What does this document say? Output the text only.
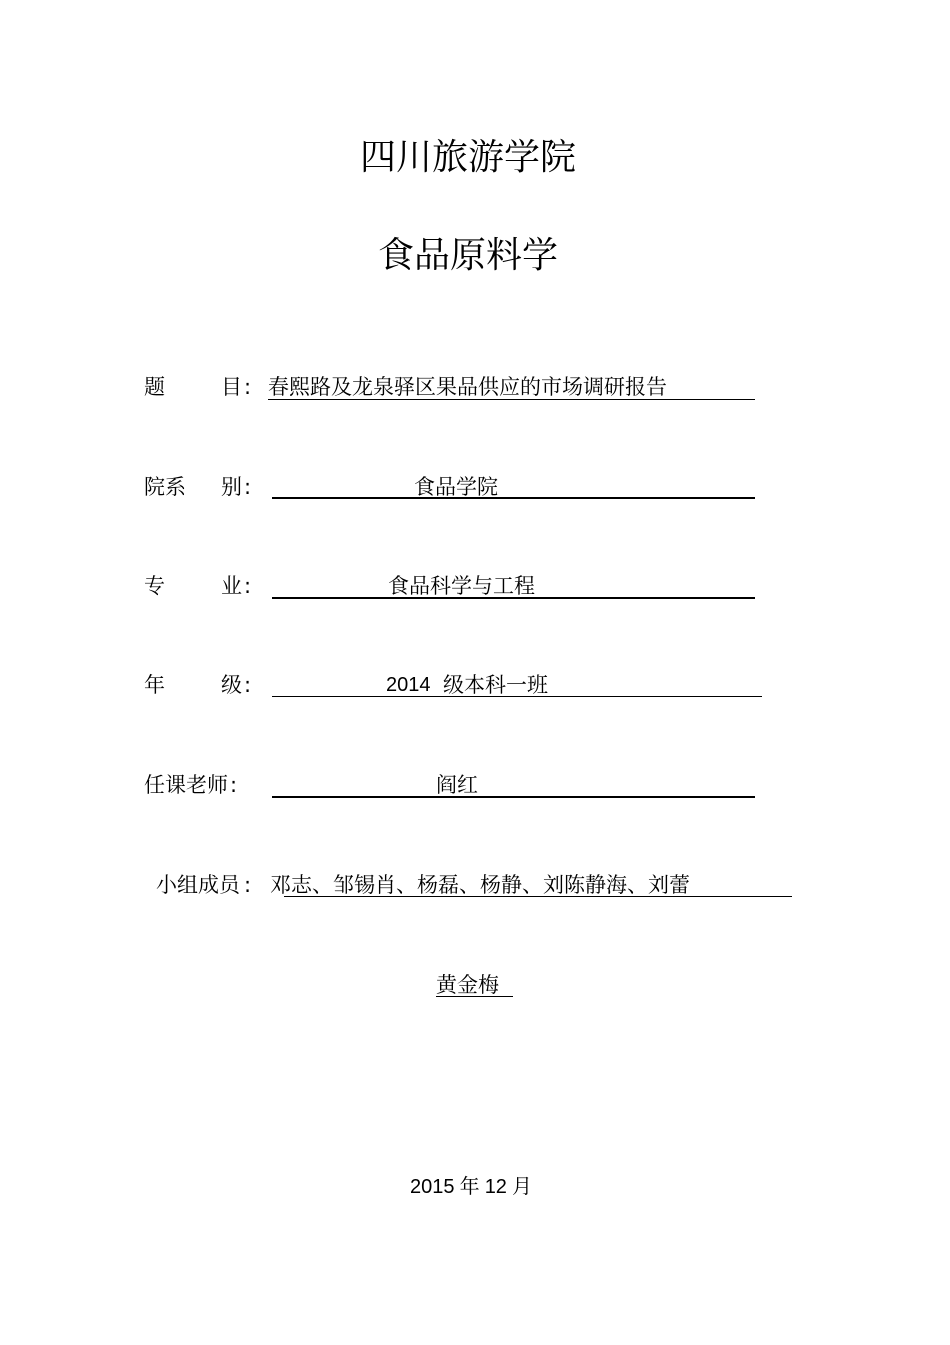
四川旅游学院
食品原料学
题	目 : 春熙路及龙泉驿区果品供应的市场调研报告
院系 别 :	食品学院
专	业 :	食品科学与工程
年	级 :	2014 级本科一班
任课老师 :	阎红
小组成员 : 邓志、邹锡肖、杨磊、杨静、刘陈静海、刘蕾
黄金梅
2015 年 12 月
